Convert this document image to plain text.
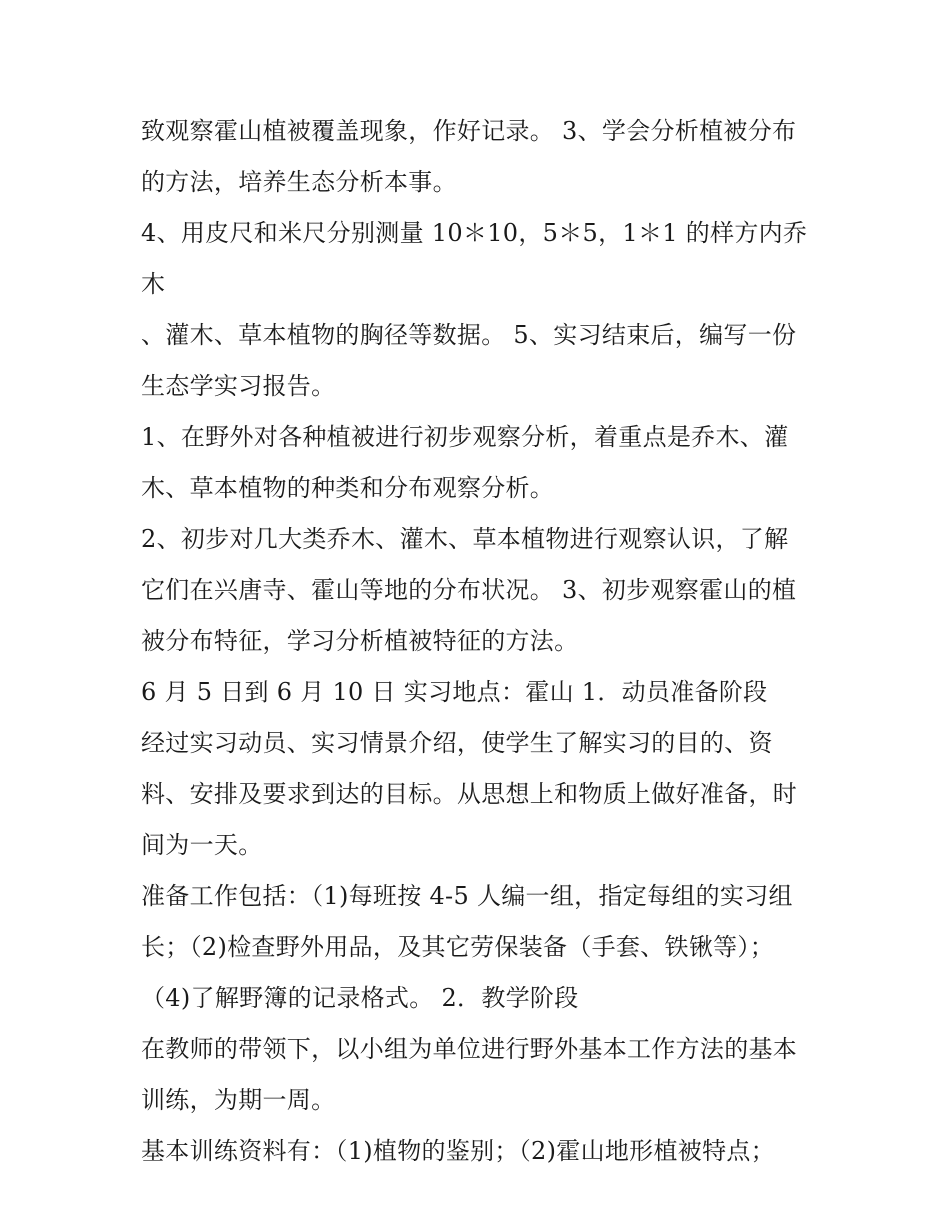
致观察霍山植被覆盖现象，作好记录。 3、学会分析植被分布
的方法，培养生态分析本事。

4、用皮尺和米尺分别测量 10＊10，5＊5，1＊1 的样方内乔木
、灌木、草本植物的胸径等数据。 5、实习结束后，编写一份
生态学实习报告。

1、在野外对各种植被进行初步观察分析，着重点是乔木、灌
木、草本植物的种类和分布观察分析。

2、初步对几大类乔木、灌木、草本植物进行观察认识，了解
它们在兴唐寺、霍山等地的分布状况。 3、初步观察霍山的植
被分布特征，学习分析植被特征的方法。

6 月 5 日到 6 月 10 日 实习地点：霍山 1．动员准备阶段

经过实习动员、实习情景介绍，使学生了解实习的目的、资
料、安排及要求到达的目标。从思想上和物质上做好准备，时
间为一天。

准备工作包括：（1)每班按 4-5 人编一组，指定每组的实习组
长；（2)检查野外用品，及其它劳保装备（手套、铁锹等）；
（4)了解野簿的记录格式。 2．教学阶段

在教师的带领下，以小组为单位进行野外基本工作方法的基本
训练，为期一周。

基本训练资料有：（1)植物的鉴别；（2)霍山地形植被特点；
